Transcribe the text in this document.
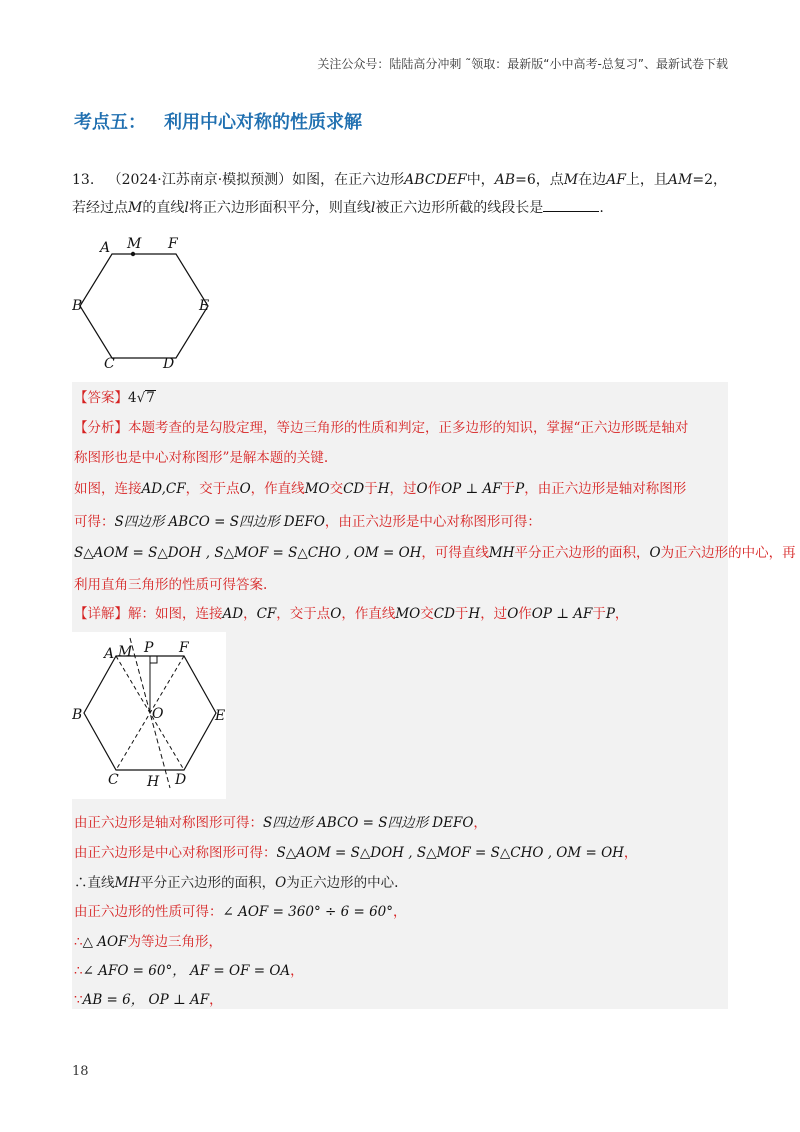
关注公众号：陆陆高分冲刺 ˜领取：最新版“小中高考-总复习”、最新试卷下载
考点五： 利用中心对称的性质求解
13. （2024·江苏南京·模拟预测）如图，在正六边形ABCDEF中，AB=6，点M在边AF上，且AM=2，
若经过点M的直线l将正六边形面积平分，则直线l被正六边形所截的线段长是	.
A M F
B	E
C	D
【答案】4√7
【分析】本题考查的是勾股定理，等边三角形的性质和判定，正多边形的知识，掌握“正六边形既是轴对
称图形也是中心对称图形”是解本题的关键.
如图，连接AD,CF，交于点O，作直线MO交CD于H，过O作OP ⊥ AF于P，由正六边形是轴对称图形
可得：S四边形 ABCO = S四边形 DEFO，由正六边形是中心对称图形可得：
S△AOM = S△DOH , S△MOF = S△CHO , OM = OH，可得直线MH平分正六边形的面积，O为正六边形的中心，再
利用直角三角形的性质可得答案.
【详解】解：如图，连接AD，CF，交于点O，作直线MO交CD于H，过O作OP ⊥ AF于P，
A M P F
B	O	E
C H D
由正六边形是轴对称图形可得：S四边形 ABCO = S四边形 DEFO，
由正六边形是中心对称图形可得：S△AOM = S△DOH , S△MOF = S△CHO , OM = OH，
∴直线MH平分正六边形的面积，O为正六边形的中心.
由正六边形的性质可得：∠ AOF = 360° ÷ 6 = 60°，
∴△ AOF为等边三角形，
∴∠ AFO = 60°， AF = OF = OA，
∵AB = 6， OP ⊥ AF，
18
